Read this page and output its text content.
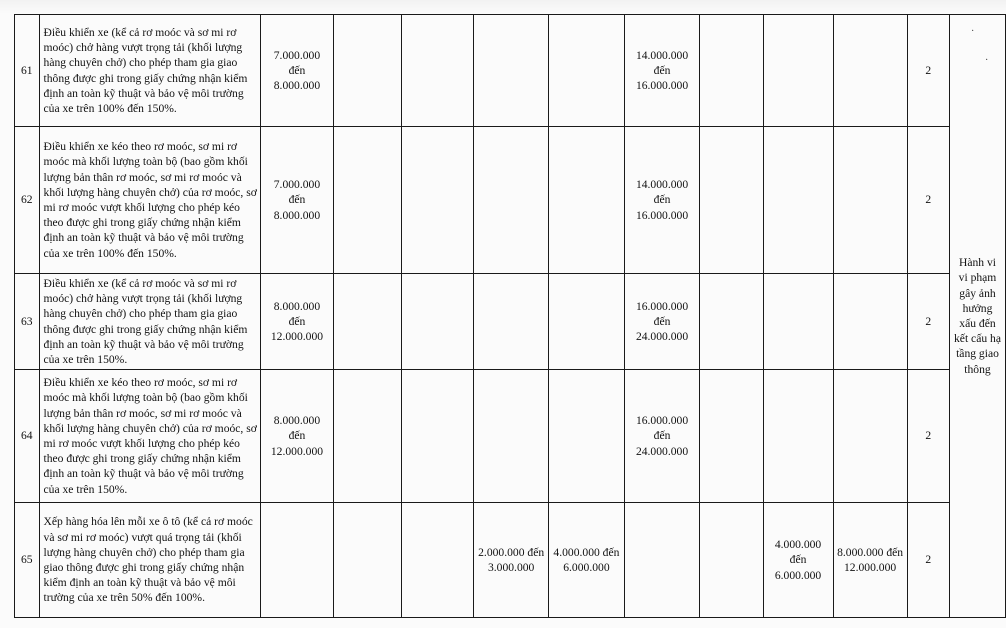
61	Điều khiển xe (kể cả rơ moóc và sơ mi rơ moóc) chở hàng vượt trọng tải (khối lượng hàng chuyên chở) cho phép tham gia giao thông được ghi trong giấy chứng nhận kiểm định an toàn kỹ thuật và bảo vệ môi trường của xe trên 100% đến 150%.	7.000.000 đến 8.000.000					14.000.000 đến 16.000.000				2	Hành vi vi phạm gây ảnh hưởng xấu đến kết cấu hạ tầng giao thông
62	Điều khiển xe kéo theo rơ moóc, sơ mi rơ moóc mà khối lượng toàn bộ (bao gồm khối lượng bản thân rơ moóc, sơ mi rơ moóc và khối lượng hàng chuyên chở) của rơ moóc, sơ mi rơ moóc vượt khối lượng cho phép kéo theo được ghi trong giấy chứng nhận kiểm định an toàn kỹ thuật và bảo vệ môi trường của xe trên 100% đến 150%.	7.000.000 đến 8.000.000					14.000.000 đến 16.000.000				2	
63	Điều khiển xe (kể cả rơ moóc và sơ mi rơ moóc) chở hàng vượt trọng tải (khối lượng hàng chuyên chở) cho phép tham gia giao thông được ghi trong giấy chứng nhận kiểm định an toàn kỹ thuật và bảo vệ môi trường của xe trên 150%.	8.000.000 đến 12.000.000					16.000.000 đến 24.000.000				2	
64	Điều khiển xe kéo theo rơ moóc, sơ mi rơ moóc mà khối lượng toàn bộ (bao gồm khối lượng bản thân rơ moóc, sơ mi rơ moóc và khối lượng hàng chuyên chở) của rơ moóc, sơ mi rơ moóc vượt khối lượng cho phép kéo theo được ghi trong giấy chứng nhận kiểm định an toàn kỹ thuật và bảo vệ môi trường của xe trên 150%.	8.000.000 đến 12.000.000					16.000.000 đến 24.000.000				2	
65	Xếp hàng hóa lên mỗi xe ô tô (kể cả rơ moóc và sơ mi rơ moóc) vượt quá trọng tải (khối lượng hàng chuyên chở) cho phép tham gia giao thông được ghi trong giấy chứng nhận kiểm định an toàn kỹ thuật và bảo vệ môi trường của xe trên 50% đến 100%.				2.000.000 đến 3.000.000	4.000.000 đến 6.000.000			4.000.000 đến 6.000.000	8.000.000 đến 12.000.000	2	
·
·
